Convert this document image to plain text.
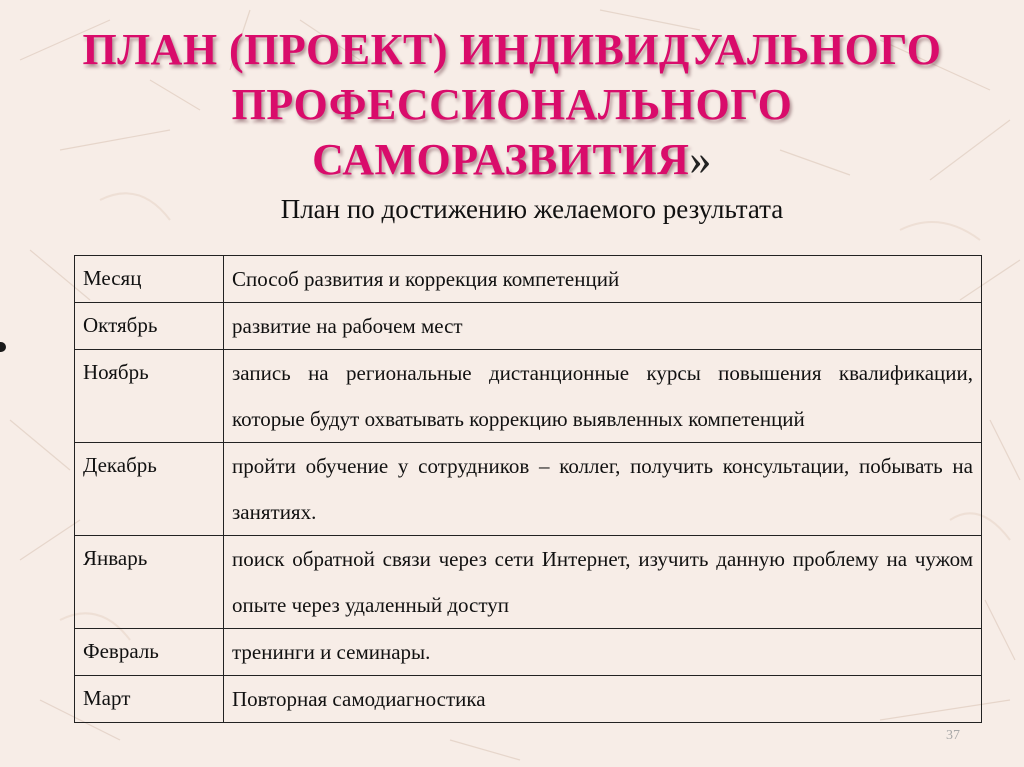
ПЛАН (ПРОЕКТ) ИНДИВИДУАЛЬНОГО
ПРОФЕССИОНАЛЬНОГО
САМОРАЗВИТИЯ»
План по достижению желаемого результата
Месяц	Способ развития и коррекция компетенций
Октябрь	развитие на рабочем мест
Ноябрь	запись на региональные дистанционные курсы повышения квалификации, которые будут охватывать коррекцию выявленных компетенций
Декабрь	пройти обучение у сотрудников – коллег, получить консультации, побывать на занятиях.
Январь	поиск обратной связи через сети Интернет, изучить данную проблему на чужом опыте через удаленный доступ
Февраль	тренинги и семинары.
Март	Повторная самодиагностика
37
